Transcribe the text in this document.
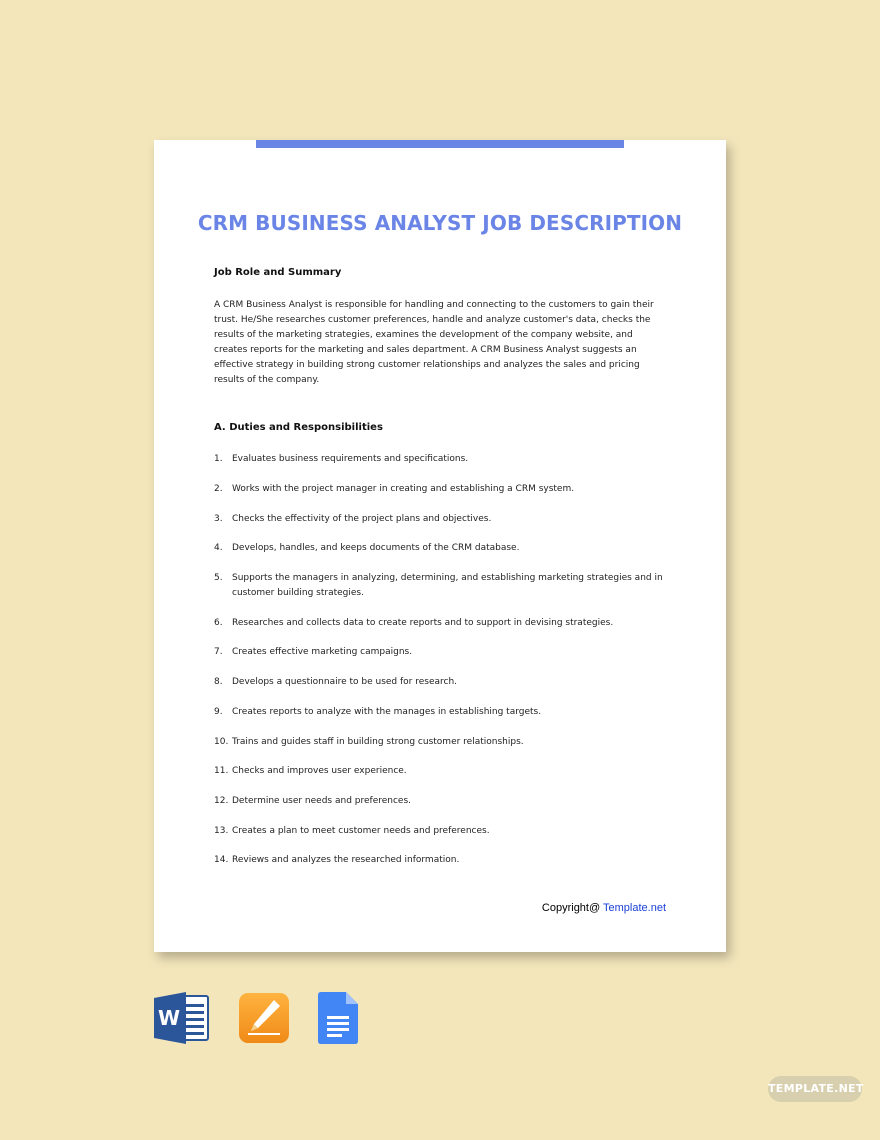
CRM BUSINESS ANALYST JOB DESCRIPTION
Job Role and Summary
A CRM Business Analyst is responsible for handling and connecting to the customers to gain their trust. He/She researches customer preferences, handle and analyze customer's data, checks the results of the marketing strategies, examines the development of the company website, and creates reports for the marketing and sales department. A CRM Business Analyst suggests an effective strategy in building strong customer relationships and analyzes the sales and pricing results of the company.
A. Duties and Responsibilities
1. Evaluates business requirements and specifications.
2. Works with the project manager in creating and establishing a CRM system.
3. Checks the effectivity of the project plans and objectives.
4. Develops, handles, and keeps documents of the CRM database.
5. Supports the managers in analyzing, determining, and establishing marketing strategies and in customer building strategies.
6. Researches and collects data to create reports and to support in devising strategies.
7. Creates effective marketing campaigns.
8. Develops a questionnaire to be used for research.
9. Creates reports to analyze with the manages in establishing targets.
10. Trains and guides staff in building strong customer relationships.
11. Checks and improves user experience.
12. Determine user needs and preferences.
13. Creates a plan to meet customer needs and preferences.
14. Reviews and analyzes the researched information.
Copyright@ Template.net
W
TEMPLATE.NET
